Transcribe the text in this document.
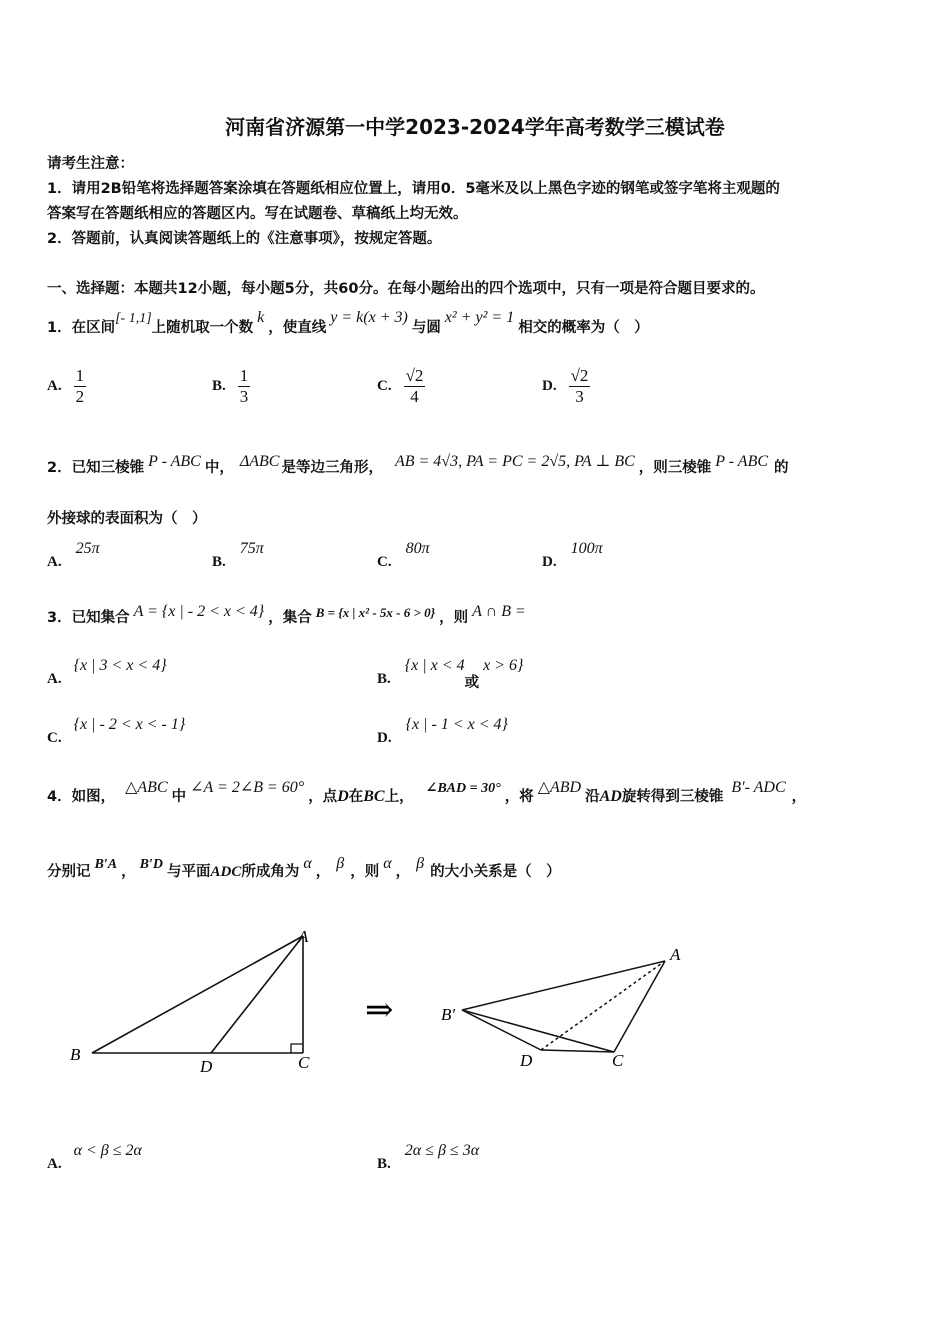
河南省济源第一中学2023-2024学年高考数学三模试卷
请考生注意：
1．请用2B铅笔将选择题答案涂填在答题纸相应位置上，请用0．5毫米及以上黑色字迹的钢笔或签字笔将主观题的
答案写在答题纸相应的答题区内。写在试题卷、草稿纸上均无效。
2．答题前，认真阅读答题纸上的《注意事项》，按规定答题。
一、选择题：本题共12小题，每小题5分，共60分。在每小题给出的四个选项中，只有一项是符合题目要求的。
1．在区间
[- 1,1]
上随机取一个数
k
，使直线
y = k(x + 3)
与圆
x² + y² = 1
相交的概率为（　）
A. $\frac{1}{2}$	B. $\frac{1}{3}$	C. $\frac{√2}{4}$	D. $\frac{√2}{3}$
2．已知三棱锥 P - ABC 中， ΔABC 是等边三角形， AB = 4√3, PA = PC = 2√5, PA ⊥ BC ，则三棱锥 P - ABC 的
外接球的表面积为（　）
A.
25π
B.
75π
C.
80π
D.
100π
3．已知集合 A = {x | - 2 < x < 4} ，集合 B = {x | x² - 5x - 6 > 0} ，则 A ∩ B =
A.
{x | 3 < x < 4}
B.
{x | x < 4
或
x > 6}
C.
{x | - 2 < x < - 1}
D.
{x | - 1 < x < 4}
4．如图，
△ABC
中
∠A = 2∠B = 60°
，点 D 在 BC 上，
∠BAD = 30°
，将
△ABD
沿 AD 旋转得到三棱锥
B′- ADC
，
分别记 B′A ， B′D 与平面 ADC 所成角为 α ， β ，则 α ， β 的大小关系是（　）
A
B	C
D
⇒
A
B′
C
D
A.
α < β ≤ 2α
B.
2α ≤ β ≤ 3α
